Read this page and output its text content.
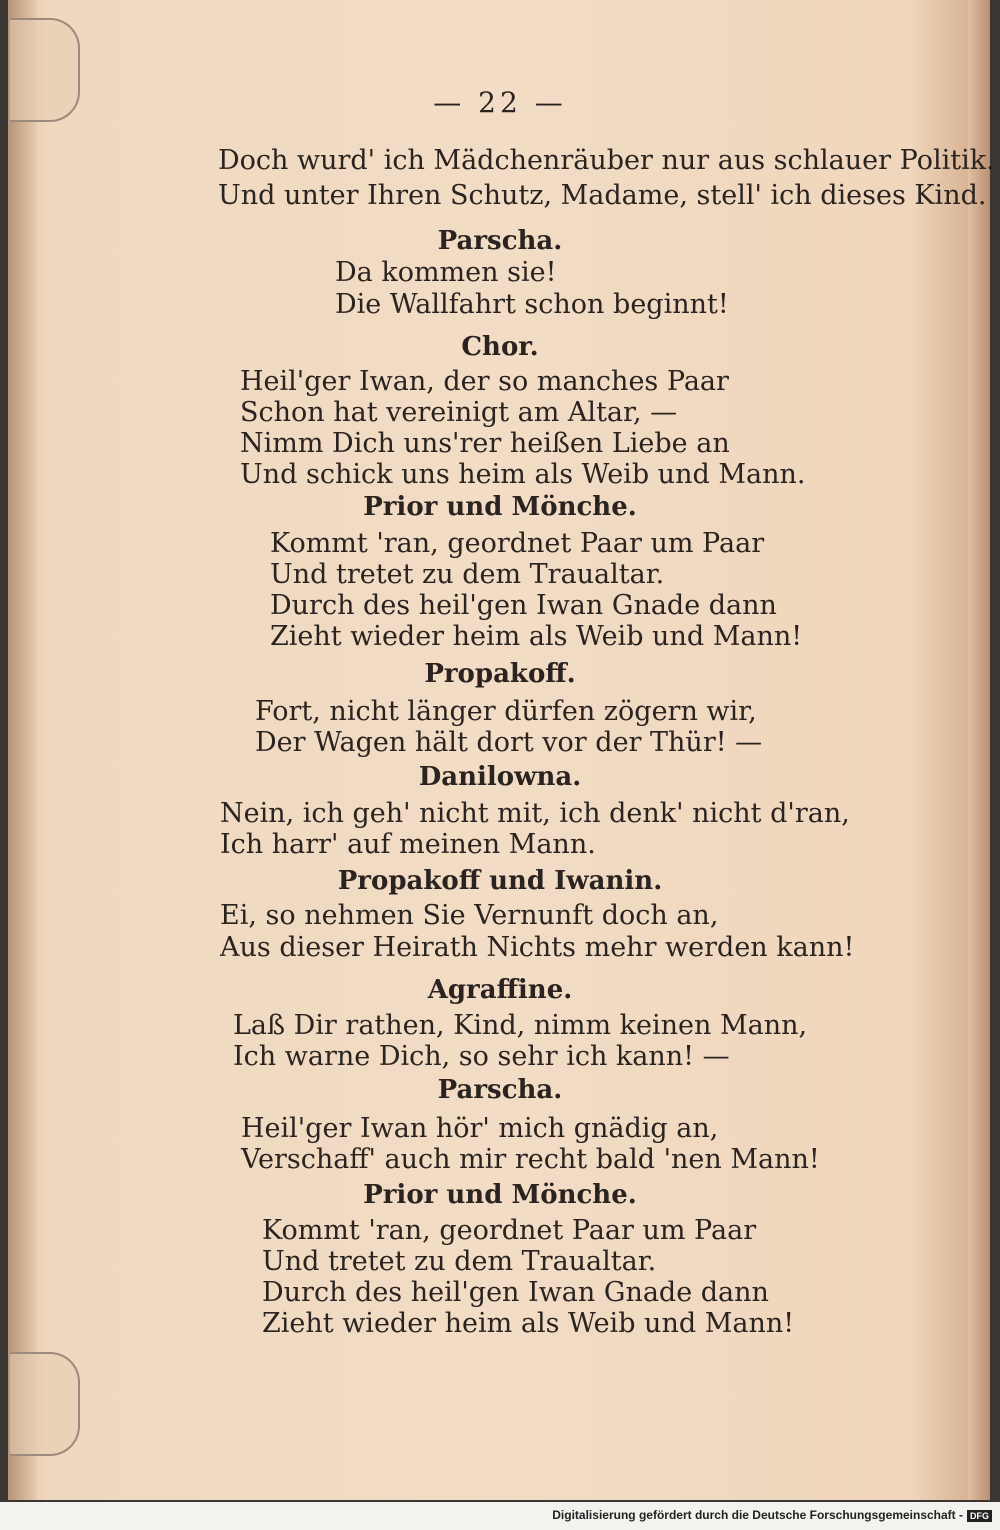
— 22 —
Doch wurd' ich Mädchenräuber nur aus schlauer Politik.
Und unter Ihren Schutz, Madame, stell' ich dieses Kind.
Parscha.
Da kommen sie!
Die Wallfahrt schon beginnt!
Chor.
Heil'ger Iwan, der so manches Paar
Schon hat vereinigt am Altar, —
Nimm Dich uns'rer heißen Liebe an
Und schick uns heim als Weib und Mann.
Prior und Mönche.
Kommt 'ran, geordnet Paar um Paar
Und tretet zu dem Traualtar.
Durch des heil'gen Iwan Gnade dann
Zieht wieder heim als Weib und Mann!
Propakoff.
Fort, nicht länger dürfen zögern wir,
Der Wagen hält dort vor der Thür! —
Danilowna.
Nein, ich geh' nicht mit, ich denk' nicht d'ran,
Ich harr' auf meinen Mann.
Propakoff und Iwanin.
Ei, so nehmen Sie Vernunft doch an,
Aus dieser Heirath Nichts mehr werden kann!
Agraffine.
Laß Dir rathen, Kind, nimm keinen Mann,
Ich warne Dich, so sehr ich kann! —
Parscha.
Heil'ger Iwan hör' mich gnädig an,
Verschaff' auch mir recht bald 'nen Mann!
Prior und Mönche.
Kommt 'ran, geordnet Paar um Paar
Und tretet zu dem Traualtar.
Durch des heil'gen Iwan Gnade dann
Zieht wieder heim als Weib und Mann!
Digitalisierung gefördert durch die Deutsche Forschungsgemeinschaft - DFG
